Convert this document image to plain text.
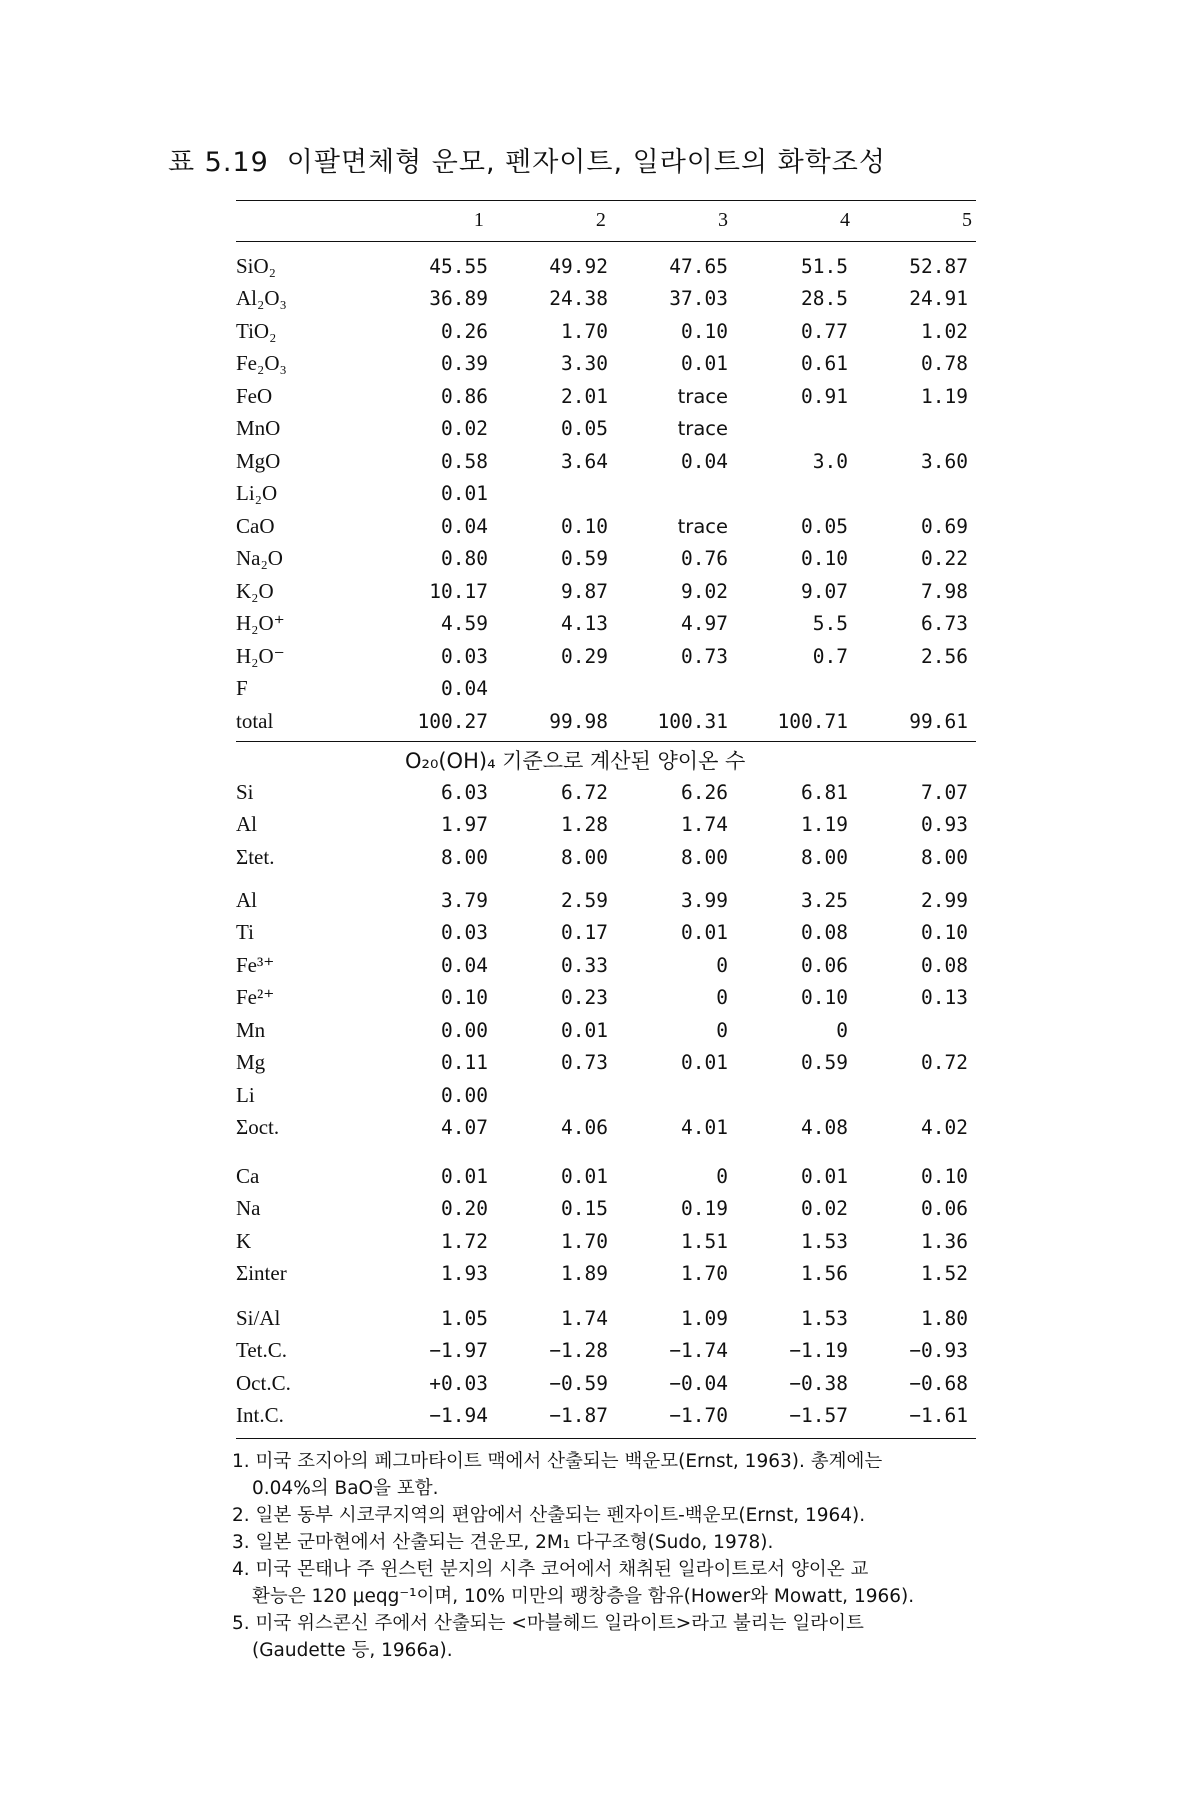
표 5.19 이팔면체형 운모, 펜자이트, 일라이트의 화학조성
1	2	3	4	5
SiO₂	45.55	49.92	47.65	51.5	52.87
Al₂O₃	36.89	24.38	37.03	28.5	24.91
TiO₂	0.26	1.70	0.10	0.77	1.02
Fe₂O₃	0.39	3.30	0.01	0.61	0.78
FeO	0.86	2.01	trace	0.91	1.19
MnO	0.02	0.05	trace
MgO	0.58	3.64	0.04	3.0	3.60
Li₂O	0.01
CaO	0.04	0.10	trace	0.05	0.69
Na₂O	0.80	0.59	0.76	0.10	0.22
K₂O	10.17	9.87	9.02	9.07	7.98
H₂O⁺	4.59	4.13	4.97	5.5	6.73
H₂O⁻	0.03	0.29	0.73	0.7	2.56
F	0.04
total	100.27	99.98	100.31	100.71	99.61
O₂₀(OH)₄ 기준으로 계산된 양이온 수
Si	6.03	6.72	6.26	6.81	7.07
Al	1.97	1.28	1.74	1.19	0.93
Σtet.	8.00	8.00	8.00	8.00	8.00
Al	3.79	2.59	3.99	3.25	2.99
Ti	0.03	0.17	0.01	0.08	0.10
Fe³⁺	0.04	0.33	0	0.06	0.08
Fe²⁺	0.10	0.23	0	0.10	0.13
Mn	0.00	0.01	0	0
Mg	0.11	0.73	0.01	0.59	0.72
Li	0.00
Σoct.	4.07	4.06	4.01	4.08	4.02
Ca	0.01	0.01	0	0.01	0.10
Na	0.20	0.15	0.19	0.02	0.06
K	1.72	1.70	1.51	1.53	1.36
Σinter	1.93	1.89	1.70	1.56	1.52
Si/Al	1.05	1.74	1.09	1.53	1.80
Tet.C.	−1.97	−1.28	−1.74	−1.19	−0.93
Oct.C.	+0.03	−0.59	−0.04	−0.38	−0.68
Int.C.	−1.94	−1.87	−1.70	−1.57	−1.61
1. 미국 조지아의 페그마타이트 맥에서 산출되는 백운모(Ernst, 1963). 총계에는
0.04%의 BaO을 포함.
2. 일본 동부 시코쿠지역의 편암에서 산출되는 펜자이트-백운모(Ernst, 1964).
3. 일본 군마현에서 산출되는 견운모, 2M₁ 다구조형(Sudo, 1978).
4. 미국 몬태나 주 윈스턴 분지의 시추 코어에서 채취된 일라이트로서 양이온 교
환능은 120 μeqg⁻¹이며, 10% 미만의 팽창층을 함유(Hower와 Mowatt, 1966).
5. 미국 위스콘신 주에서 산출되는 <마블헤드 일라이트>라고 불리는 일라이트
(Gaudette 등, 1966a).
